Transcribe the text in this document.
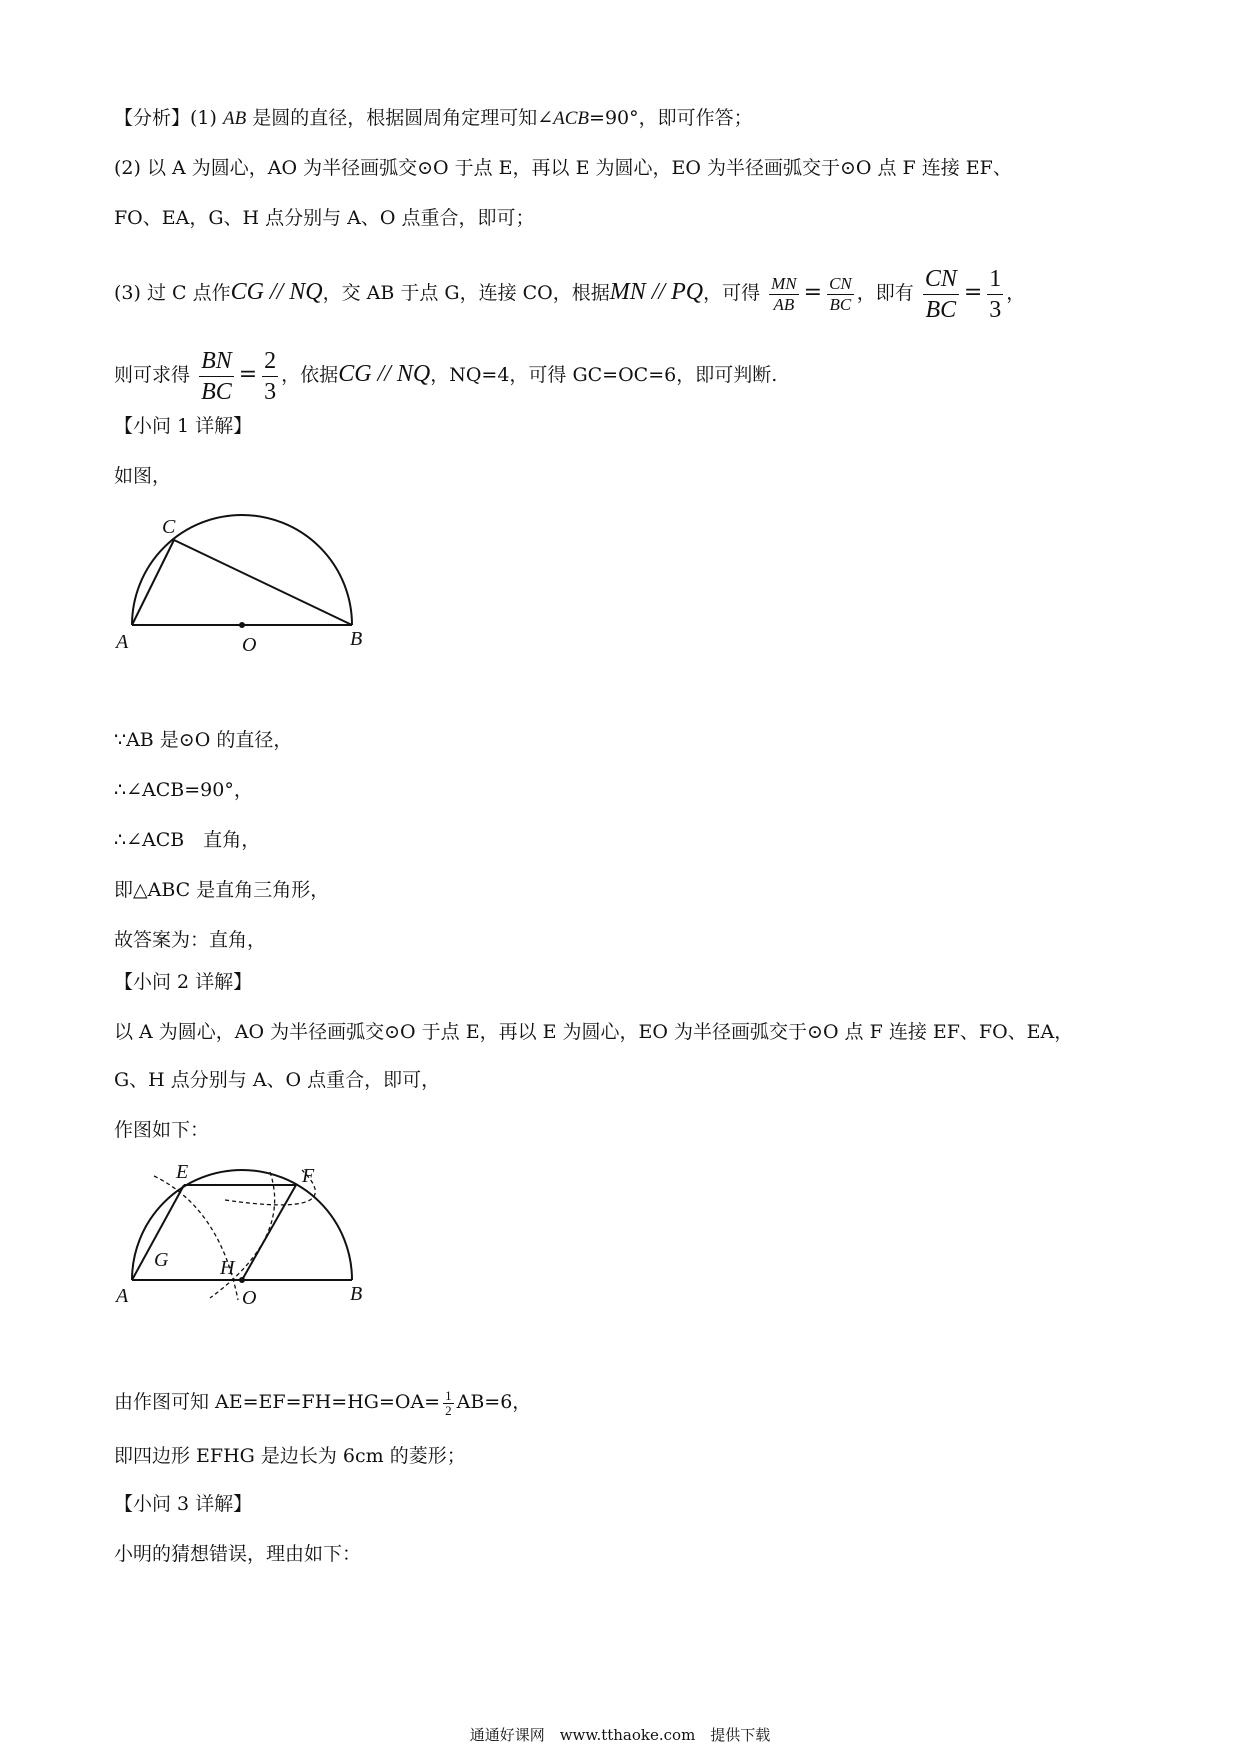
【分析】(1) AB 是圆的直径，根据圆周角定理可知∠ACB=90°，即可作答；
(2) 以 A 为圆心，AO 为半径画弧交⊙O 于点 E，再以 E 为圆心，EO 为半径画弧交于⊙O 点 F 连接 EF、
FO、EA，G、H 点分别与 A、O 点重合，即可；
(3) 过 C 点作CG // NQ，交 AB 于点 G，连接 CO，根据MN // PQ，可得 $\frac{MN}{AB} = \frac{CN}{BC}$ ，即有 $\frac{CN}{BC} = \frac{1}{3}$ ，
则可求得 $\frac{BN}{BC} = \frac{2}{3}$ ，依据CG // NQ，NQ=4，可得 GC=OC=6，即可判断.
【小问 1 详解】
如图，
C
A	O	B
∵AB 是⊙O 的直径，
∴∠ACB=90°，
∴∠ACB　直角，
即△ABC 是直角三角形，
故答案为：直角，
【小问 2 详解】
以 A 为圆心，AO 为半径画弧交⊙O 于点 E，再以 E 为圆心，EO 为半径画弧交于⊙O 点 F 连接 EF、FO、EA，
G、H 点分别与 A、O 点重合，即可，
作图如下：
E	F
G	H
A	O	B
由作图可知 $AE=EF=FH=HG=OA= \frac{1}{2} AB=6$，
即四边形 EFHG 是边长为 6cm 的菱形；
【小问 3 详解】
小明的猜想错误，理由如下：
通通好课网　www.tthaoke.com　提供下载
